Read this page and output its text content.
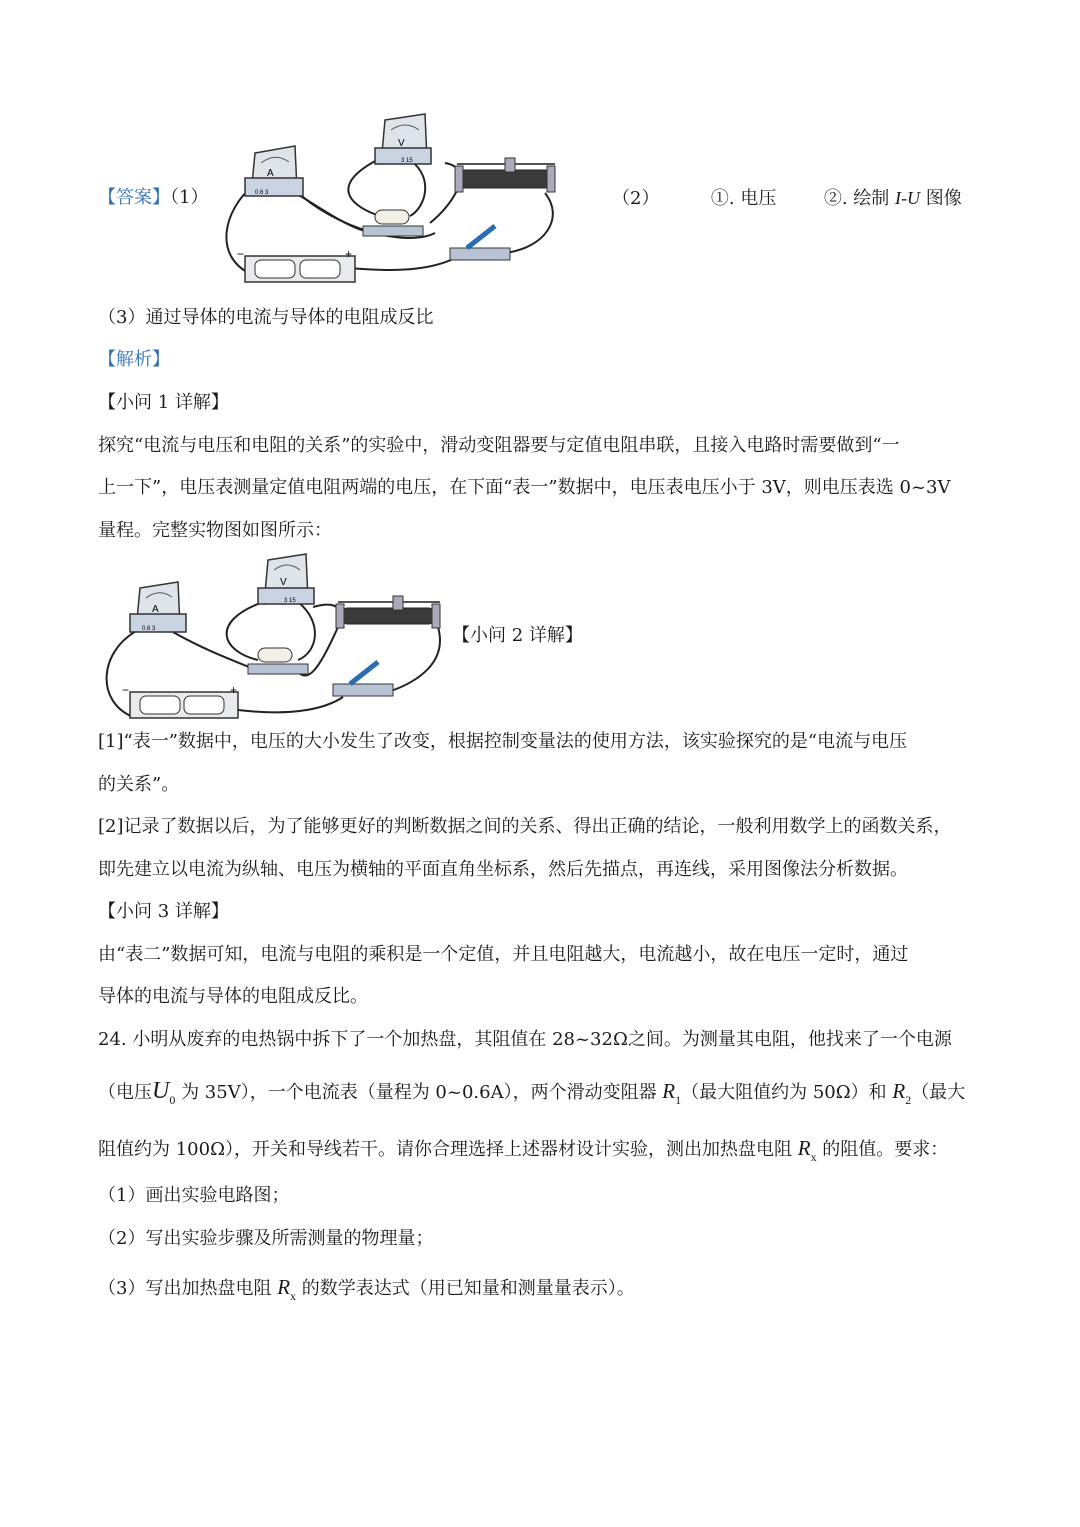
【答案】（1）
A
0.6 3
V
3 15
−	+
（2）	①. 电压	②. 绘制 I-U 图像
（3）通过导体的电流与导体的电阻成反比
【解析】
【小问 1 详解】
探究“电流与电压和电阻的关系”的实验中，滑动变阻器要与定值电阻串联，且接入电路时需要做到“一
上一下”，电压表测量定值电阻两端的电压，在下面“表一”数据中，电压表电压小于 3V，则电压表选 0~3V
量程。完整实物图如图所示：
A
0.6 3
V
3 15
−	+
【小问 2 详解】
[1]“表一”数据中，电压的大小发生了改变，根据控制变量法的使用方法，该实验探究的是“电流与电压
的关系”。
[2]记录了数据以后，为了能够更好的判断数据之间的关系、得出正确的结论，一般利用数学上的函数关系，
即先建立以电流为纵轴、电压为横轴的平面直角坐标系，然后先描点，再连线，采用图像法分析数据。
【小问 3 详解】
由“表二”数据可知，电流与电阻的乘积是一个定值，并且电阻越大，电流越小，故在电压一定时，通过
导体的电流与导体的电阻成反比。
24. 小明从废弃的电热锅中拆下了一个加热盘，其阻值在 28~32Ω之间。为测量其电阻，他找来了一个电源
（电压$U_0$ 为 35V），一个电流表（量程为 0~0.6A），两个滑动变阻器 $R_1$（最大阻值约为 50Ω）和 $R_2$（最大
阻值约为 100Ω），开关和导线若干。请你合理选择上述器材设计实验，测出加热盘电阻 $R_x$ 的阻值。要求：
（1）画出实验电路图；
（2）写出实验步骤及所需测量的物理量；
（3）写出加热盘电阻 $R_x$ 的数学表达式（用已知量和测量量表示）。
